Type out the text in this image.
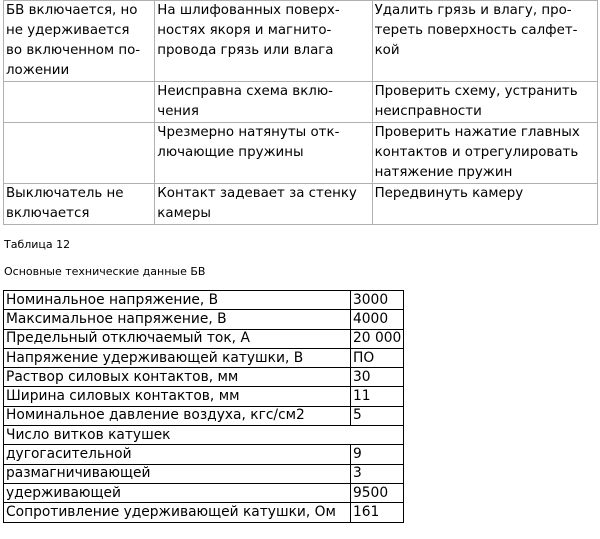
БВ включается, но
не удерживается
во включенном по-
ложении	На шлифованных поверх-
ностях якоря и магнито-
провода грязь или влага	Удалить грязь и влагу, про-
тереть поверхность салфет-
кой

	Неисправна схема вклю-
чения	Проверить схему, устранить
неисправности

	Чрезмерно натянуты отк-
лючающие пружины	Проверить нажатие главных
контактов и отрегулировать
натяжение пружин

Выключатель не
включается	Контакт задевает за стенку
камеры	Передвинуть камеру
Таблица 12
Основные технические данные БВ
Номинальное напряжение, В	3000
Максимальное напряжение, В	4000
Предельный отключаемый ток, А	20 000
Напряжение удерживающей катушки, В	ПО
Раствор силовых контактов, мм	30
Ширина силовых контактов, мм	11
Номинальное давление воздуха, кгс/см2	5
Число витков катушек	
дугогасительной	9
размагничивающей	3
удерживающей	9500
Сопротивление удерживающей катушки, Ом	161
